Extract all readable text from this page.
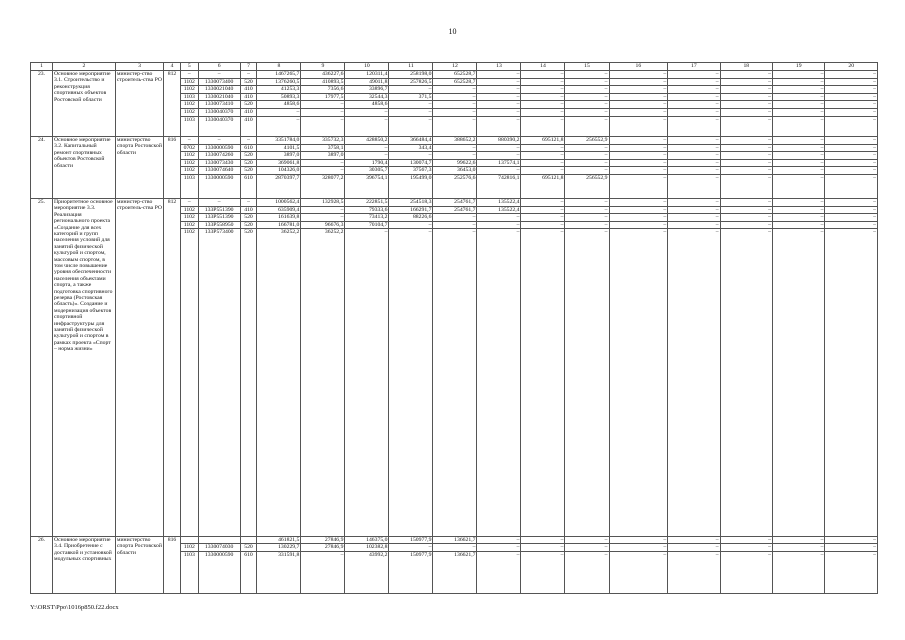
10
1	2	3	4	5	6	7	8	9	10	11	12	13	14	15	16	17	18	19	20
23.	Основное мероприятие 3.1. Строительство и реконструкция спортивных объектов Ростовской области	министер-ство строитель-ства РО	812	–	–	–	1467265,7	436227,6	120311,4	258198,0	652528,7	–	–	–	–	–	–	–	–
				1102	1330073400	520	1376260,5	410893,5	49011,8	257826,5	652528,7	–	–	–	–	–	–	–	–
				1102	1330021040	410	41253,3	7356,6	33896,7	–	–	–	–	–	–	–	–	–	–
				1103	1330021040	410	50893,3	17977,5	32544,3	371,5	–	–	–	–	–	–	–	–	–
				1102	1330073410	520	4858,6	–	4858,6	–	–	–	–	–	–	–	–	–	–
				1102	1330040370	410	–	–	–	–	–	–	–	–	–	–	–	–	–
				1103	1330040370	410	–	–	–	–	–	–	–	–	–	–	–	–	–
24.	Основное мероприятие 3.2. Капитальный ремонт спортивных объектов Ростовской области	министерство спорта Ростовской области	816	–	–	–	3351784,0	335732,3	428850,2	366484,4	388652,2	880390,2	695121,8	256552,9	–	–	–	–	–
				0702	1330000590	610	4101,5	3758,1	–	343,4	–	–	–	–	–	–	–	–	–
				1102	1330074260	520	3897,0	3897,0	–	–	–	–	–	–	–	–	–	–	–
				1102	1330073430	520	369061,8	–	1790,4	130074,7	99622,6	137574,1	–	–	–	–	–	–	–
				1102	1330074640	520	104326,0	–	30305,7	37567,3	36453,0	–	–	–	–	–	–	–	–
				1103	1330000590	610	2870397,7	328077,2	396754,1	195499,0	252576,6	742816,1	695121,8	256552,9	–	–	–	–	–
25.	Приоритетное основное мероприятие 3.3. Реализация регионального проекта «Создание для всех категорий и групп населения условий для занятий физической культурой и спортом, массовым спортом, в том числе повышение уровня обеспеченности населения объектами спорта, а также подготовка спортивного резерва (Ростовская область)». Создание и модернизация объектов спортивной инфраструктуры для занятий физической культурой и спортом в рамках проекта «Спорт – норма жизни»	министер-ство строитель-ства РО	812	–	–	–	1000562,4	132928,5	222851,5	254518,3	254761,7	135522,4	–	–	–	–	–	–	–
				1102	133P551390	410	635909,4	–	79333,6	166291,7	254761,7	135522,4	–	–	–	–	–	–	–
				1102	133P551390	520	161639,8	–	73413,2	88226,6	–	–	–	–	–	–	–	–	–
				1102	133P558950	520	166781,0	96676,3	70104,7	–	–	–	–	–	–	–	–	–	–
				1102	133P573400	520	36252,2	36252,2	–	–	–	–	–	–	–	–	–	–	–
26.	Основное мероприятие 3.4. Приобретение с доставкой и установкой модульных спортивных	министерство спорта Ростовской области	816				461821,5	27846,9	146375,0	150977,9	136621,7	–	–	–	–	–	–	–	–
				1102	1330074030	520	130229,7	27846,9	102382,8	–	–	–	–	–	–	–	–	–	–
				1103	1330000590	610	331591,8	–	43992,2	150977,9	136621,7	–	–	–	–	–	–	–	–
Y:\ORST\Ppo\1016p850.f22.docx
